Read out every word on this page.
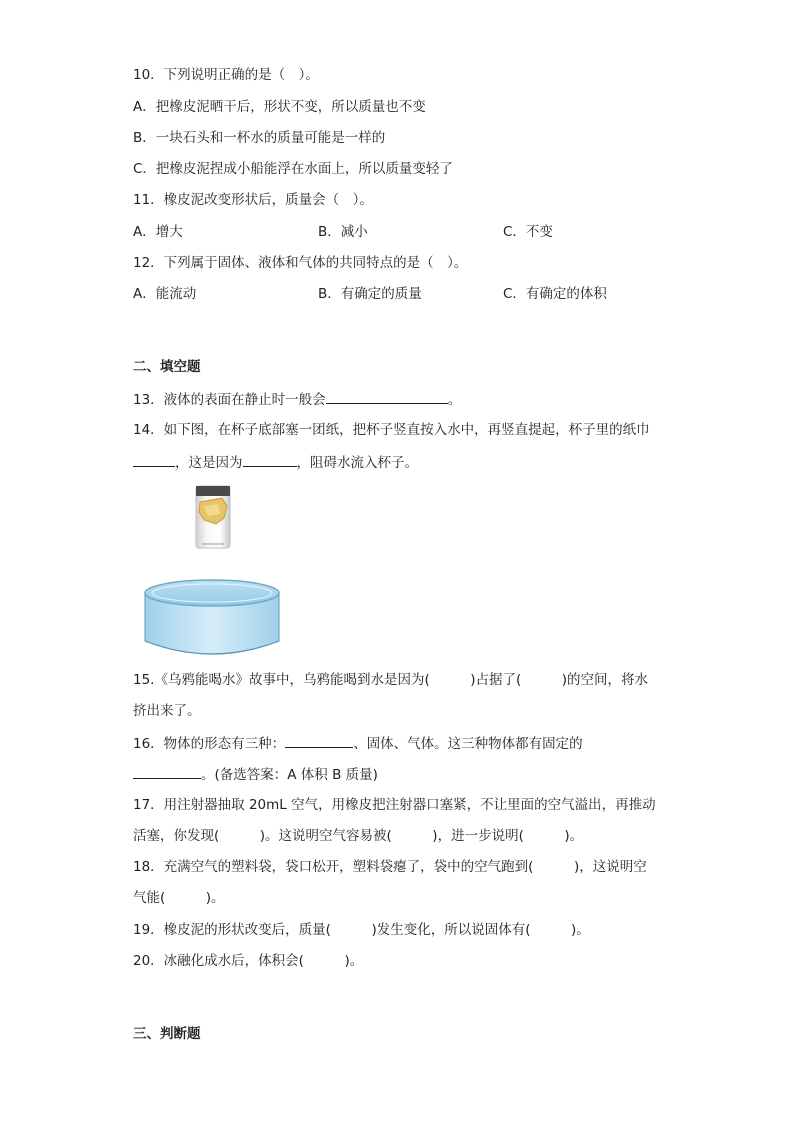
10．下列说明正确的是（　）。
A．把橡皮泥晒干后，形状不变，所以质量也不变
B．一块石头和一杯水的质量可能是一样的
C．把橡皮泥捏成小船能浮在水面上，所以质量变轻了
11．橡皮泥改变形状后，质量会（　）。
A．增大	B．减小	C．不变
12．下列属于固体、液体和气体的共同特点的是（　）。
A．能流动	B．有确定的质量	C．有确定的体积
二、填空题
13．液体的表面在静止时一般会	。
14．如下图，在杯子底部塞一团纸，把杯子竖直按入水中，再竖直提起，杯子里的纸巾
，这是因为	，阻碍水流入杯子。
15.《乌鸦能喝水》故事中，乌鸦能喝到水是因为(　　　)占据了(　　　)的空间，将水
挤出来了。
16．物体的形态有三种：	、固体、气体。这三种物体都有固定的
。(备选答案：A 体积 B 质量)
17．用注射器抽取 20mL 空气，用橡皮把注射器口塞紧，不让里面的空气溢出，再推动
活塞，你发现(　　　)。这说明空气容易被(　　　)，进一步说明(　　　)。
18．充满空气的塑料袋，袋口松开，塑料袋瘪了，袋中的空气跑到(　　　)，这说明空
气能(　　　)。
19．橡皮泥的形状改变后，质量(　　　)发生变化，所以说固体有(　　　)。
20．冰融化成水后，体积会(　　　)。
三、判断题
